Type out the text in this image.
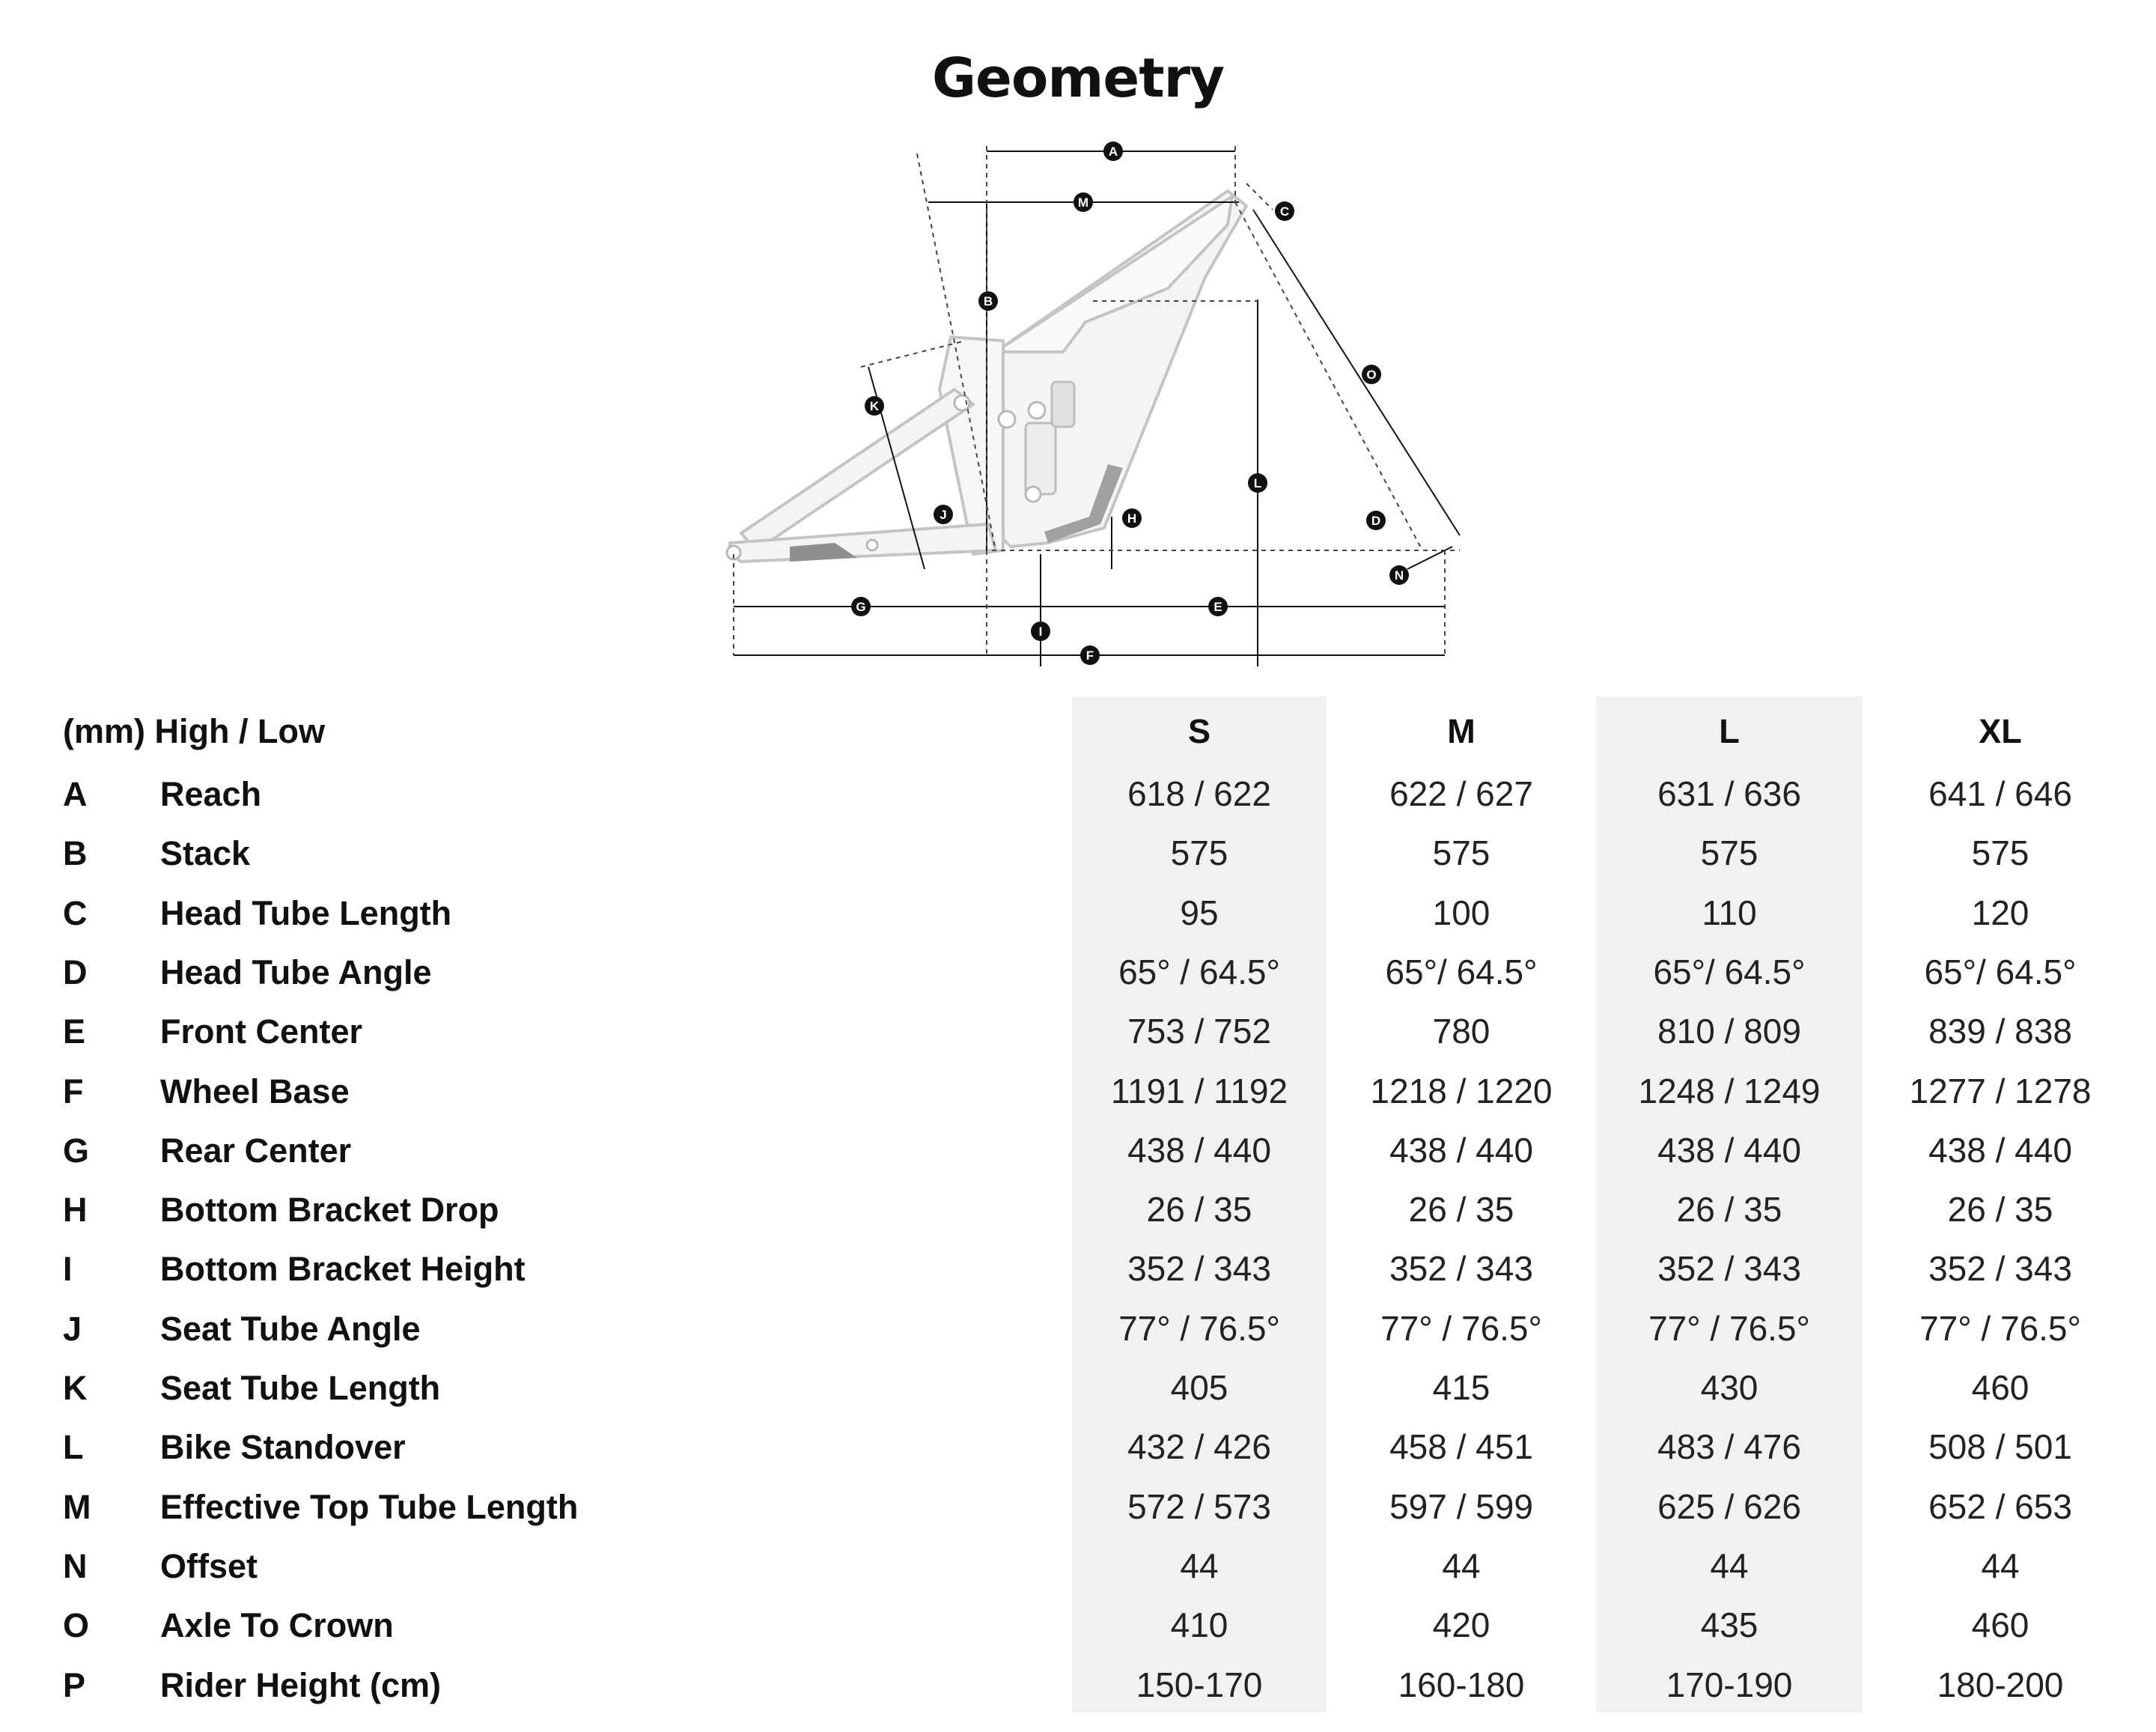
Geometry
A
M
C
B
O
K
L
J	H	D
N
G	E
I
F
(mm) High / Low	S	M	L	XL
A Reach	618 / 622	622 / 627	631 / 636	641 / 646
B Stack	575	575	575	575
C Head Tube Length	95	100	110	120
D Head Tube Angle	65° / 64.5°	65°/ 64.5°	65°/ 64.5°	65°/ 64.5°
E Front Center	753 / 752	780	810 / 809	839 / 838
F Wheel Base	1191 / 1192	1218 / 1220	1248 / 1249	1277 / 1278
G Rear Center	438 / 440	438 / 440	438 / 440	438 / 440
H Bottom Bracket Drop	26 / 35	26 / 35	26 / 35	26 / 35
I	Bottom Bracket Height	352 / 343	352 / 343	352 / 343	352 / 343
J Seat Tube Angle	77° / 76.5°	77° / 76.5°	77° / 76.5°	77° / 76.5°
K Seat Tube Length	405	415	430	460
L Bike Standover	432 / 426	458 / 451	483 / 476	508 / 501
M Effective Top Tube Length	572 / 573	597 / 599	625 / 626	652 / 653
N Offset	44	44	44	44
O Axle To Crown	410	420	435	460
P Rider Height (cm)	150-170	160-180	170-190	180-200
